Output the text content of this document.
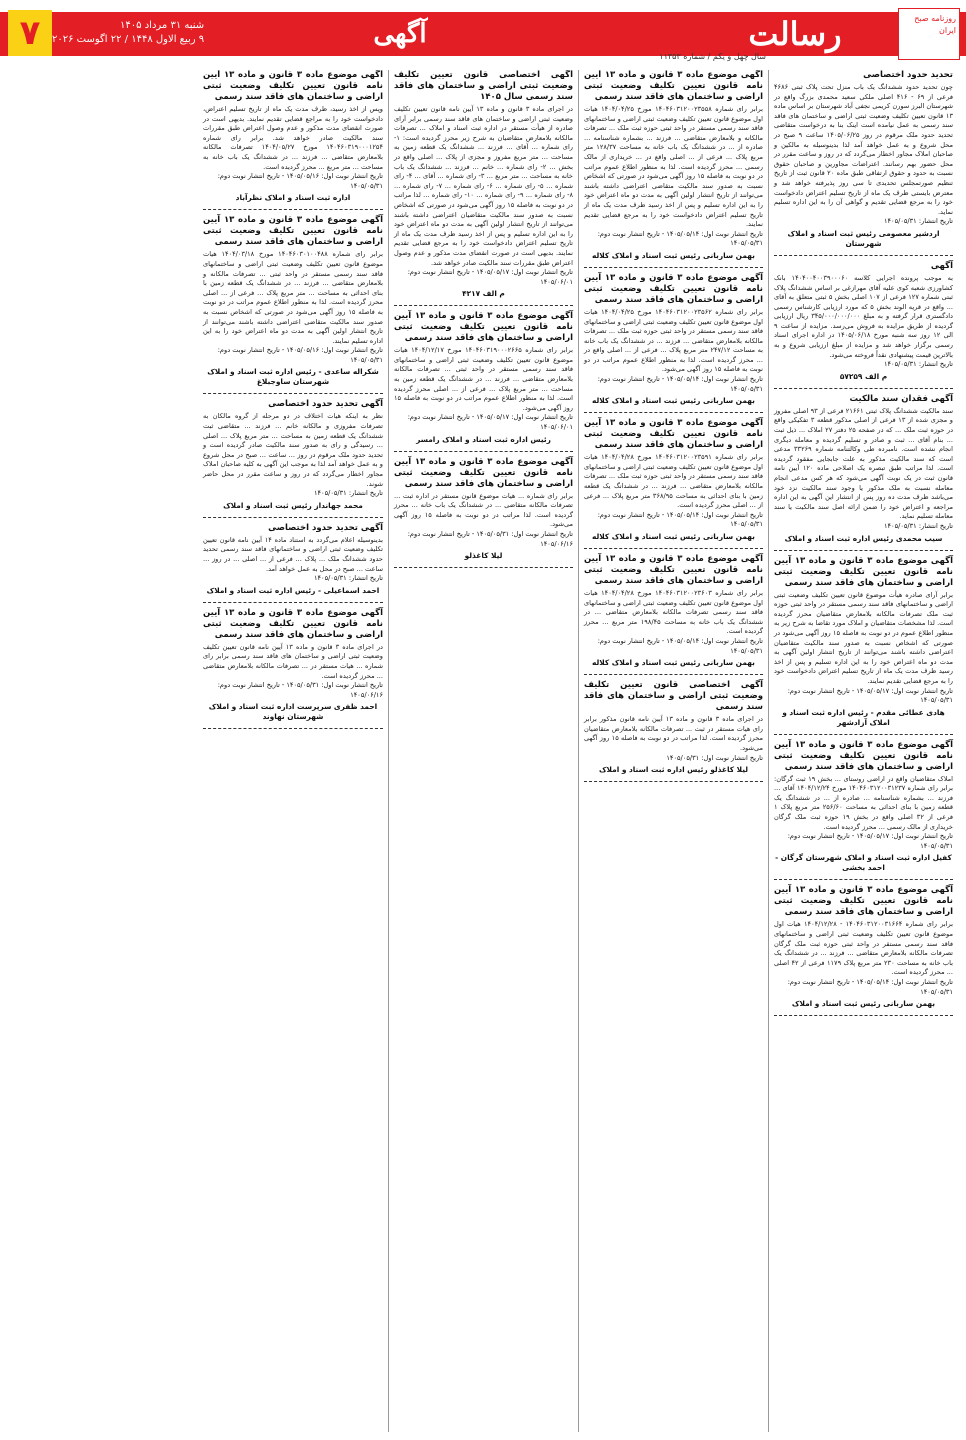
روزنامه صبح ایران
رسالت
سال چهل و یکم / شماره ۱۱۳۵۳
آگهی
۷	شنبه ۳۱ مرداد ۱۴۰۵
۹ ربیع الاول ۱۴۴۸ / ۲۲ اگوست ۲۰۲۶
تحدید حدود اختصاصی
چون تحدید حدود ششدانگ یک باب منزل تحت پلاک ثبتی ۴۶۸۶ فرعی از ۶۹ - ۴۱۶ اصلی ملکی سعید محمدی بزرگ واقع در شهرستان البرز سورن کریمی نجفی آباد شهرستان بر اساس ماده ۱۳ قانون تعیین تکلیف وضعیت ثبتی اراضی و ساختمان های فاقد سند رسمی به عمل نیامده است اینک بنا به درخواست متقاضی تحدید حدود ملک مرقوم در روز ۱۴۰۵/۰۶/۲۵ ساعت ۹ صبح در محل شروع و به عمل خواهد آمد لذا بدینوسیله به مالکین و صاحبان املاک مجاور اخطار می‌گردد که در روز و ساعت مقرر در محل حضور بهم رسانند. اعتراضات مجاورین و صاحبان حقوق نسبت به حدود و حقوق ارتفاقی طبق ماده ۲۰ قانون ثبت از تاریخ تنظیم صورتمجلس تحدیدی تا سی روز پذیرفته خواهد شد و معترض بایستی ظرف یک ماه از تاریخ تسلیم اعتراض دادخواست خود را به مرجع قضایی تقدیم و گواهی آن را به این اداره تسلیم نماید.
تاریخ انتشار: ۱۴۰۵/۰۵/۳۱
اردشیر معصومی رئیس ثبت اسناد و املاک شهرستان
آگهی
به موجب پرونده اجرایی کلاسه ۱۴۰۴۰۰۴۰۰۳۹۰۰۰۶۰ بانک کشاورزی شعبه کوی علیه آقای مهرازغی بر اساس ششدانگ پلاک ثبتی شماره ۱۲۷ فرعی از ۱۰۷ اصلی بخش ۵ ثبتی متعلق به آقای ... واقع در قریه الوند بخش ۵ که مورد ارزیابی کارشناس رسمی دادگستری قرار گرفته و به مبلغ ۳۴۵/۰۰۰/۰۰۰/۰۰۰ ریال ارزیابی گردیده از طریق مزایده به فروش می‌رسد. مزایده از ساعت ۹ الی ۱۲ روز سه شنبه مورخ ۱۴۰۵/۰۶/۱۸ در اداره اجرای اسناد رسمی برگزار خواهد شد و مزایده از مبلغ ارزیابی شروع و به بالاترین قیمت پیشنهادی نقداً فروخته می‌شود.
تاریخ انتشار: ۱۴۰۵/۰۵/۳۱
م الف ۵۷۲۵۹
آگهی فقدان سند مالکیت
سند مالکیت ششدانگ پلاک ثبتی ۲۱۶۶۱ فرعی از ۹۳ اصلی مفروز و مجزی شده از ۱۳ فرعی از اصلی مذکور قطعه ۳ تفکیکی واقع در حوزه ثبت ملک ... که در صفحه ۲۵ دفتر ۲۷ املاک ... ذیل ثبت ... بنام آقای ... ثبت و صادر و تسلیم گردیده و معامله دیگری انجام نشده است. نامبرده طی وکالتنامه شماره ۳۳۲۶۹ مدعی است که سند مالکیت مذکور به علت جابجایی مفقود گردیده است. لذا مراتب طبق تبصره یک اصلاحی ماده ۱۲۰ آیین نامه قانون ثبت در یک نوبت آگهی می‌شود که هر کس مدعی انجام معامله نسبت به ملک مذکور یا وجود سند مالکیت نزد خود می‌باشد ظرف مدت ده روز پس از انتشار این آگهی به این اداره مراجعه و اعتراض خود را ضمن ارائه اصل سند مالکیت یا سند معامله تسلیم نماید.
تاریخ انتشار: ۱۴۰۵/۰۵/۳۱
سیب محمدی رئیس اداره ثبت اسناد و املاک
آگهی موضوع ماده ۳ قانون و ماده ۱۳ آیین نامه قانون تعیین تکلیف وضعیت ثبتی اراضی و ساختمان های فاقد سند رسمی
برابر آرای صادره هیأت موضوع قانون تعیین تکلیف وضعیت ثبتی اراضی و ساختمانهای فاقد سند رسمی مستقر در واحد ثبتی حوزه ثبت ملک تصرفات مالکانه بلامعارض متقاضیان محرز گردیده است. لذا مشخصات متقاضیان و املاک مورد تقاضا به شرح زیر به منظور اطلاع عموم در دو نوبت به فاصله ۱۵ روز آگهی می‌شود در صورتی که اشخاص نسبت به صدور سند مالکیت متقاضیان اعتراضی داشته باشند می‌توانند از تاریخ انتشار اولین آگهی به مدت دو ماه اعتراض خود را به این اداره تسلیم و پس از اخذ رسید ظرف مدت یک ماه از تاریخ تسلیم اعتراض دادخواست خود را به مرجع قضایی تقدیم نمایند.
تاریخ انتشار نوبت اول: ۱۴۰۵/۰۵/۱۷ - تاریخ انتشار نوبت دوم: ۱۴۰۵/۰۵/۳۱
هادی عطائی مقدم - رئیس اداره ثبت اسناد و املاک آزادشهر
آگهی موضوع ماده ۳ قانون و ماده ۱۳ آیین نامه قانون تعیین تکلیف وضعیت ثبتی اراضی و ساختمان های فاقد سند رسمی
املاک متقاضیان واقع در اراضی روستای ... بخش ۱۹ ثبت گرگان: برابر رای شماره ۱۴۰۴۶۰۳۱۲۰۰۳۱۲۳۷ مورخ ۱۴۰۴/۱۲/۲۴ آقای ... فرزند ... بشماره شناسنامه ... صادره از ... در ششدانگ یک قطعه زمین با بنای احداثی به مساحت ۲۵۶/۶۰ متر مربع پلاک ۱ فرعی از ۳۲ اصلی واقع در بخش ۱۹ حوزه ثبت ملک گرگان خریداری از مالک رسمی ... محرز گردیده است.
تاریخ انتشار نوبت اول: ۱۴۰۵/۰۵/۱۷ - تاریخ انتشار نوبت دوم: ۱۴۰۵/۰۵/۳۱
کفیل اداره ثبت اسناد و املاک شهرستان گرگان - احمد بخشی
آگهی موضوع ماده ۳ قانون و ماده ۱۳ آیین نامه قانون تعیین تکلیف وضعیت ثبتی اراضی و ساختمان های فاقد سند رسمی
برابر رای شماره ۱۴۰۴۶۰۳۱۲۰۰۳۱۶۶۴ - ۱۴۰۴/۱۲/۲۸ هیات اول موضوع قانون تعیین تکلیف وضعیت ثبتی اراضی و ساختمانهای فاقد سند رسمی مستقر در واحد ثبتی حوزه ثبت ملک گرگان تصرفات مالکانه بلامعارض متقاضی ... فرزند ... در ششدانگ یک باب خانه به مساحت ۲۳۰ متر مربع پلاک ۱۱۷۹ فرعی از ۴۲ اصلی ... محرز گردیده است.
تاریخ انتشار نوبت اول: ۱۴۰۵/۰۵/۱۴ - تاریخ انتشار نوبت دوم: ۱۴۰۵/۰۵/۳۱
بهمن ساربانی رئیس ثبت اسناد و املاک
آگهی موضوع ماده ۳ قانون و ماده ۱۳ آیین نامه قانون تعیین تکلیف وضعیت ثبتی اراضی و ساختمان های فاقد سند رسمی
برابر رای شماره ۱۴۰۴۶۰۳۱۲۰۰۲۳۵۵۸ مورخ ۱۴۰۴/۰۴/۲۵ هیات اول موضوع قانون تعیین تکلیف وضعیت ثبتی اراضی و ساختمانهای فاقد سند رسمی مستقر در واحد ثبتی حوزه ثبت ملک ... تصرفات مالکانه و بلامعارض متقاضی ... فرزند ... بشماره شناسنامه ... صادره از ... در ششدانگ یک باب خانه به مساحت ۱۲۸/۳۷ متر مربع پلاک ... فرعی از ... اصلی واقع در ... خریداری از مالک رسمی ... محرز گردیده است. لذا به منظور اطلاع عموم مراتب در دو نوبت به فاصله ۱۵ روز آگهی می‌شود در صورتی که اشخاص نسبت به صدور سند مالکیت متقاضی اعتراضی داشته باشند می‌توانند از تاریخ انتشار اولین آگهی به مدت دو ماه اعتراض خود را به این اداره تسلیم و پس از اخذ رسید ظرف مدت یک ماه از تاریخ تسلیم اعتراض دادخواست خود را به مرجع قضایی تقدیم نمایند.
تاریخ انتشار نوبت اول: ۱۴۰۵/۰۵/۱۴ - تاریخ انتشار نوبت دوم: ۱۴۰۵/۰۵/۳۱
بهمن ساربانی رئیس ثبت اسناد و املاک کلاله
آگهی موضوع ماده ۳ قانون و ماده ۱۳ آیین نامه قانون تعیین تکلیف وضعیت ثبتی اراضی و ساختمان های فاقد سند رسمی
برابر رای شماره ۱۴۰۴۶۰۳۱۲۰۰۲۳۵۶۲ مورخ ۱۴۰۴/۰۴/۲۵ هیات اول موضوع قانون تعیین تکلیف وضعیت ثبتی اراضی و ساختمانهای فاقد سند رسمی مستقر در واحد ثبتی حوزه ثبت ملک ... تصرفات مالکانه بلامعارض متقاضی ... فرزند ... در ششدانگ یک باب خانه به مساحت ۲۴۷/۱۲ متر مربع پلاک ... فرعی از ... اصلی واقع در ... محرز گردیده است. لذا به منظور اطلاع عموم مراتب در دو نوبت به فاصله ۱۵ روز آگهی می‌شود.
تاریخ انتشار نوبت اول: ۱۴۰۵/۰۵/۱۴ - تاریخ انتشار نوبت دوم: ۱۴۰۵/۰۵/۳۱
بهمن ساربانی رئیس ثبت اسناد و املاک کلاله
آگهی موضوع ماده ۳ قانون و ماده ۱۳ آیین نامه قانون تعیین تکلیف وضعیت ثبتی اراضی و ساختمان های فاقد سند رسمی
برابر رای شماره ۱۴۰۴۶۰۳۱۲۰۰۲۳۵۹۱ مورخ ۱۴۰۴/۰۴/۲۸ هیات اول موضوع قانون تعیین تکلیف وضعیت ثبتی اراضی و ساختمانهای فاقد سند رسمی مستقر در واحد ثبتی حوزه ثبت ملک ... تصرفات مالکانه بلامعارض متقاضی ... فرزند ... در ششدانگ یک قطعه زمین با بنای احداثی به مساحت ۳۶۸/۹۵ متر مربع پلاک ... فرعی از ... اصلی محرز گردیده است.
تاریخ انتشار نوبت اول: ۱۴۰۵/۰۵/۱۴ - تاریخ انتشار نوبت دوم: ۱۴۰۵/۰۵/۳۱
بهمن ساربانی رئیس ثبت اسناد و املاک کلاله
آگهی موضوع ماده ۳ قانون و ماده ۱۳ آیین نامه قانون تعیین تکلیف وضعیت ثبتی اراضی و ساختمان های فاقد سند رسمی
برابر رای شماره ۱۴۰۴۶۰۳۱۲۰۰۲۳۶۰۳ مورخ ۱۴۰۴/۰۴/۲۸ هیات اول موضوع قانون تعیین تکلیف وضعیت ثبتی اراضی و ساختمانهای فاقد سند رسمی تصرفات مالکانه بلامعارض متقاضی ... در ششدانگ یک باب خانه به مساحت ۱۹۸/۴۵ متر مربع ... محرز گردیده است.
تاریخ انتشار نوبت اول: ۱۴۰۵/۰۵/۱۴ - تاریخ انتشار نوبت دوم: ۱۴۰۵/۰۵/۳۱
بهمن ساربانی رئیس ثبت اسناد و املاک کلاله
آگهی اختصاصی قانون تعیین تکلیف وضعیت ثبتی اراضی و ساختمان های فاقد سند رسمی
در اجرای ماده ۳ قانون و ماده ۱۳ آیین نامه قانون مذکور برابر رای هیات مستقر در ثبت ... تصرفات مالکانه بلامعارض متقاضیان محرز گردیده است. لذا مراتب در دو نوبت به فاصله ۱۵ روز آگهی می‌شود.
تاریخ انتشار نوبت اول: ۱۴۰۵/۰۵/۳۱
لیلا کاغذلو رئیس اداره ثبت اسناد و املاک
آگهی اختصاصی قانون تعیین تکلیف وضعیت ثبتی اراضی و ساختمان های فاقد سند رسمی سال ۱۴۰۵
در اجرای ماده ۳ قانون و ماده ۱۳ آیین نامه قانون تعیین تکلیف وضعیت ثبتی اراضی و ساختمان های فاقد سند رسمی برابر آرای صادره از هیأت مستقر در اداره ثبت اسناد و املاک ... تصرفات مالکانه بلامعارض متقاضیان به شرح زیر محرز گردیده است: ۱- رای شماره ... آقای ... فرزند ... ششدانگ یک قطعه زمین به مساحت ... متر مربع مفروز و مجزی از پلاک ... اصلی واقع در بخش ... ۲- رای شماره ... خانم ... فرزند ... ششدانگ یک باب خانه به مساحت ... متر مربع ... ۳- رای شماره ... آقای ... ۴- رای شماره ... ۵- رای شماره ... ۶- رای شماره ... ۷- رای شماره ... ۸- رای شماره ... ۹- رای شماره ... ۱۰- رای شماره ... لذا مراتب در دو نوبت به فاصله ۱۵ روز آگهی می‌شود در صورتی که اشخاص نسبت به صدور سند مالکیت متقاضیان اعتراضی داشته باشند می‌توانند از تاریخ انتشار اولین آگهی به مدت دو ماه اعتراض خود را به این اداره تسلیم و پس از اخذ رسید ظرف مدت یک ماه از تاریخ تسلیم اعتراض دادخواست خود را به مرجع قضایی تقدیم نمایند. بدیهی است در صورت انقضای مدت مذکور و عدم وصول اعتراض طبق مقررات سند مالکیت صادر خواهد شد.
تاریخ انتشار نوبت اول: ۱۴۰۵/۰۵/۱۷ - تاریخ انتشار نوبت دوم: ۱۴۰۵/۰۶/۰۱
م الف ۴۲۱۷
آگهی موضوع ماده ۳ قانون و ماده ۱۳ آیین نامه قانون تعیین تکلیف وضعیت ثبتی اراضی و ساختمان های فاقد سند رسمی
برابر رای شماره ۱۴۰۴۶۰۳۱۹۰۰۰۲۶۶۵ مورخ ۱۴۰۴/۱۲/۱۷ هیات موضوع قانون تعیین تکلیف وضعیت ثبتی اراضی و ساختمانهای فاقد سند رسمی مستقر در واحد ثبتی ... تصرفات مالکانه بلامعارض متقاضی ... فرزند ... در ششدانگ یک قطعه زمین به مساحت ... متر مربع پلاک ... فرعی از ... اصلی محرز گردیده است. لذا به منظور اطلاع عموم مراتب در دو نوبت به فاصله ۱۵ روز آگهی می‌شود.
تاریخ انتشار نوبت اول: ۱۴۰۵/۰۵/۱۷ - تاریخ انتشار نوبت دوم: ۱۴۰۵/۰۶/۰۱
رئیس اداره ثبت اسناد و املاک رامسر
آگهی موضوع ماده ۳ قانون و ماده ۱۳ آیین نامه قانون تعیین تکلیف وضعیت ثبتی اراضی و ساختمان های فاقد سند رسمی
برابر رای شماره ... هیات موضوع قانون مستقر در اداره ثبت ... تصرفات مالکانه متقاضی ... در ششدانگ یک باب خانه ... محرز گردیده است. لذا مراتب در دو نوبت به فاصله ۱۵ روز آگهی می‌شود.
تاریخ انتشار نوبت اول: ۱۴۰۵/۰۵/۳۱ - تاریخ انتشار نوبت دوم: ۱۴۰۵/۰۶/۱۶
لیلا کاغذلو
آگهی موضوع ماده ۳ قانون و ماده ۱۳ آیین نامه قانون تعیین تکلیف وضعیت ثبتی اراضی و ساختمان های فاقد سند رسمی
وپس از اخذ رسید، ظرف مدت یک ماه از تاریخ تسلیم اعتراض، دادخواست خود را به مراجع قضایی تقدیم نمایند. بدیهی است در صورت انقضای مدت مذکور و عدم وصول اعتراض طبق مقررات سند مالکیت صادر خواهد شد. برابر رای شماره ۱۴۰۴۶۰۳۱۹۰۰۰۱۲۵۴ مورخ ۱۴۰۴/۰۵/۲۷ تصرفات مالکانه بلامعارض متقاضی ... فرزند ... در ششدانگ یک باب خانه به مساحت ... متر مربع ... محرز گردیده است.
تاریخ انتشار نوبت اول: ۱۴۰۵/۰۵/۱۶ - تاریخ انتشار نوبت دوم: ۱۴۰۵/۰۵/۳۱
اداره ثبت اسناد و املاک نظرآباد
آگهی موضوع ماده ۳ قانون و ماده ۱۳ آیین نامه قانون تعیین تکلیف وضعیت ثبتی اراضی و ساختمان های فاقد سند رسمی
برابر رای شماره ۱۴۰۴۶۰۳۰۱۰۰۴۸۸ مورخ ۱۴۰۴/۰۳/۱۸ هیات موضوع قانون تعیین تکلیف وضعیت ثبتی اراضی و ساختمانهای فاقد سند رسمی مستقر در واحد ثبتی ... تصرفات مالکانه و بلامعارض متقاضی ... فرزند ... در ششدانگ یک قطعه زمین با بنای احداثی به مساحت ... متر مربع پلاک ... فرعی از ... اصلی محرز گردیده است. لذا به منظور اطلاع عموم مراتب در دو نوبت به فاصله ۱۵ روز آگهی می‌شود در صورتی که اشخاص نسبت به صدور سند مالکیت متقاضی اعتراضی داشته باشند می‌توانند از تاریخ انتشار اولین آگهی به مدت دو ماه اعتراض خود را به این اداره تسلیم نمایند.
تاریخ انتشار نوبت اول: ۱۴۰۵/۰۵/۱۶ - تاریخ انتشار نوبت دوم: ۱۴۰۵/۰۵/۳۱
شکراله ساعدی - رئیس اداره ثبت اسناد و املاک شهرستان ساوجبلاغ
آگهی تحدید حدود اختصاصی
نظر به اینکه هیات اختلاف در دو مرحله از گروه مالکان به تصرفات مفروزی و مالکانه خانم ... فرزند ... متقاضی ثبت ششدانگ یک قطعه زمین به مساحت ... متر مربع پلاک ... اصلی ... رسیدگی و رای به صدور سند مالکیت صادر گردیده است و تحدید حدود ملک مرقوم در روز ... ساعت ... صبح در محل شروع و به عمل خواهد آمد لذا به موجب این آگهی به کلیه صاحبان املاک مجاور اخطار می‌گردد که در روز و ساعت مقرر در محل حاضر شوند.
تاریخ انتشار: ۱۴۰۵/۰۵/۳۱
محمد جهانداز رئیس ثبت اسناد و املاک
آگهی تحدید حدود اختصاصی
بدینوسیله اعلام می‌گردد به استناد ماده ۱۴ آیین نامه قانون تعیین تکلیف وضعیت ثبتی اراضی و ساختمانهای فاقد سند رسمی تحدید حدود ششدانگ ملک ... پلاک ... فرعی از ... اصلی ... در روز ... ساعت ... صبح در محل به عمل خواهد آمد.
تاریخ انتشار: ۱۴۰۵/۰۵/۳۱
احمد اسماعیلی - رئیس اداره ثبت اسناد و املاک
آگهی موضوع ماده ۳ قانون و ماده ۱۳ آیین نامه قانون تعیین تکلیف وضعیت ثبتی اراضی و ساختمان های فاقد سند رسمی
در اجرای ماده ۳ قانون و ماده ۱۳ آیین نامه قانون تعیین تکلیف وضعیت ثبتی اراضی و ساختمان های فاقد سند رسمی برابر رای شماره ... هیات مستقر در ... تصرفات مالکانه بلامعارض متقاضی ... محرز گردیده است.
تاریخ انتشار نوبت اول: ۱۴۰۵/۰۵/۳۱ - تاریخ انتشار نوبت دوم: ۱۴۰۵/۰۶/۱۶
احمد ظفری سرپرست اداره ثبت اسناد و املاک شهرستان نهاوند
